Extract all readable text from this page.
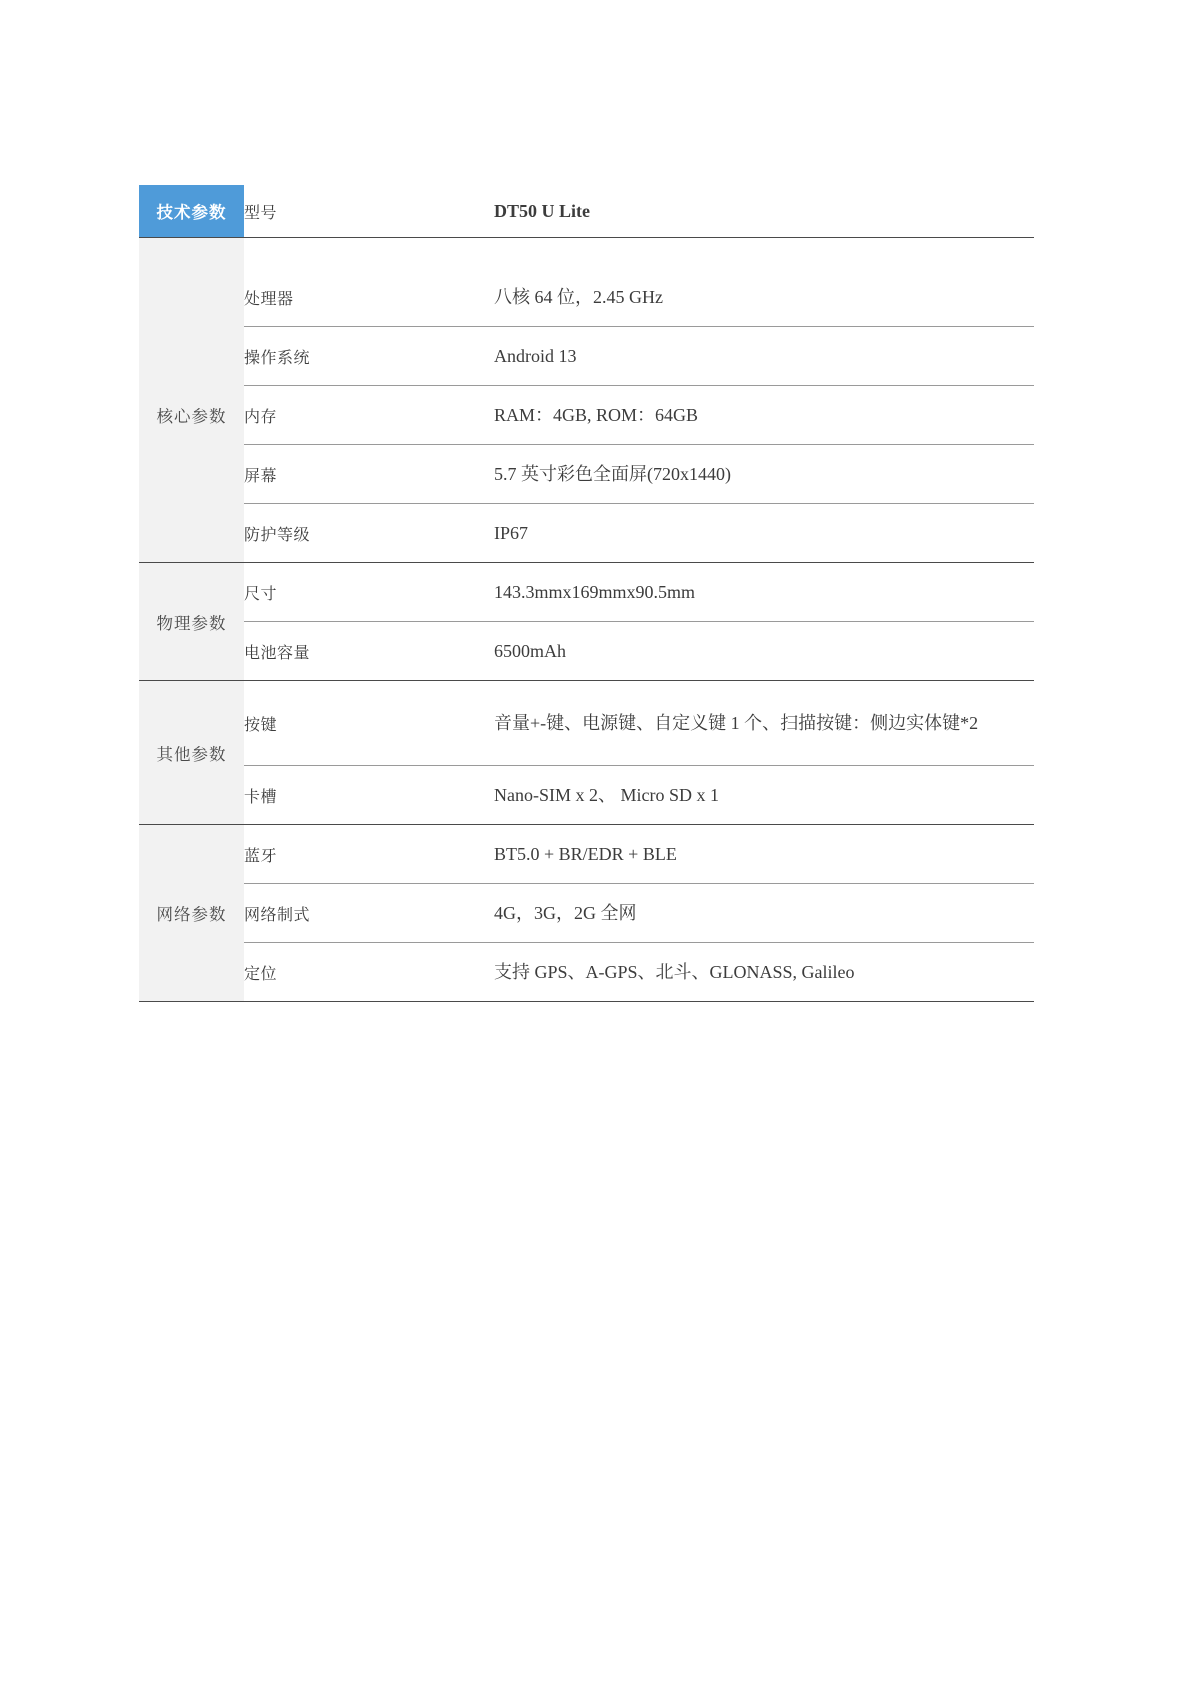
技术参数	型号	DT50 U Lite

核心参数	处理器	八核 64 位，2.45 GHz
	操作系统	Android 13
	内存	RAM：4GB, ROM：64GB
	屏幕	5.7 英寸彩色全面屏(720x1440)
	防护等级	IP67
物理参数	尺寸	143.3mmx169mmx90.5mm
	电池容量	6500mAh
其他参数	按键	音量+-键、电源键、自定义键 1 个、扫描按键：侧边实体键*2
	卡槽	Nano-SIM x 2、 Micro SD x 1
网络参数	蓝牙	BT5.0 + BR/EDR + BLE
	网络制式	4G，3G，2G 全网
	定位	支持 GPS、A-GPS、北斗、GLONASS, Galileo
